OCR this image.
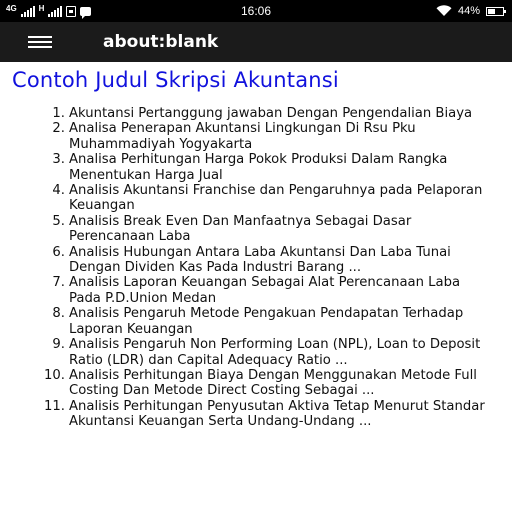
4G	H	16:06	44%
about:blank
Contoh Judul Skripsi Akuntansi
1. Akuntansi Pertanggung jawaban Dengan Pengendalian Biaya
2. Analisa Penerapan Akuntansi Lingkungan Di Rsu Pku Muhammadiyah Yogyakarta
3. Analisa Perhitungan Harga Pokok Produksi Dalam Rangka Menentukan Harga Jual
4. Analisis Akuntansi Franchise dan Pengaruhnya pada Pelaporan Keuangan
5. Analisis Break Even Dan Manfaatnya Sebagai Dasar Perencanaan Laba
6. Analisis Hubungan Antara Laba Akuntansi Dan Laba Tunai Dengan Dividen Kas Pada Industri Barang ...
7. Analisis Laporan Keuangan Sebagai Alat Perencanaan Laba Pada P.D.Union Medan
8. Analisis Pengaruh Metode Pengakuan Pendapatan Terhadap Laporan Keuangan
9. Analisis Pengaruh Non Performing Loan (NPL), Loan to Deposit Ratio (LDR) dan Capital Adequacy Ratio ...
10. Analisis Perhitungan Biaya Dengan Menggunakan Metode Full Costing Dan Metode Direct Costing Sebagai ...
11. Analisis Perhitungan Penyusutan Aktiva Tetap Menurut Standar Akuntansi Keuangan Serta Undang-Undang ...
